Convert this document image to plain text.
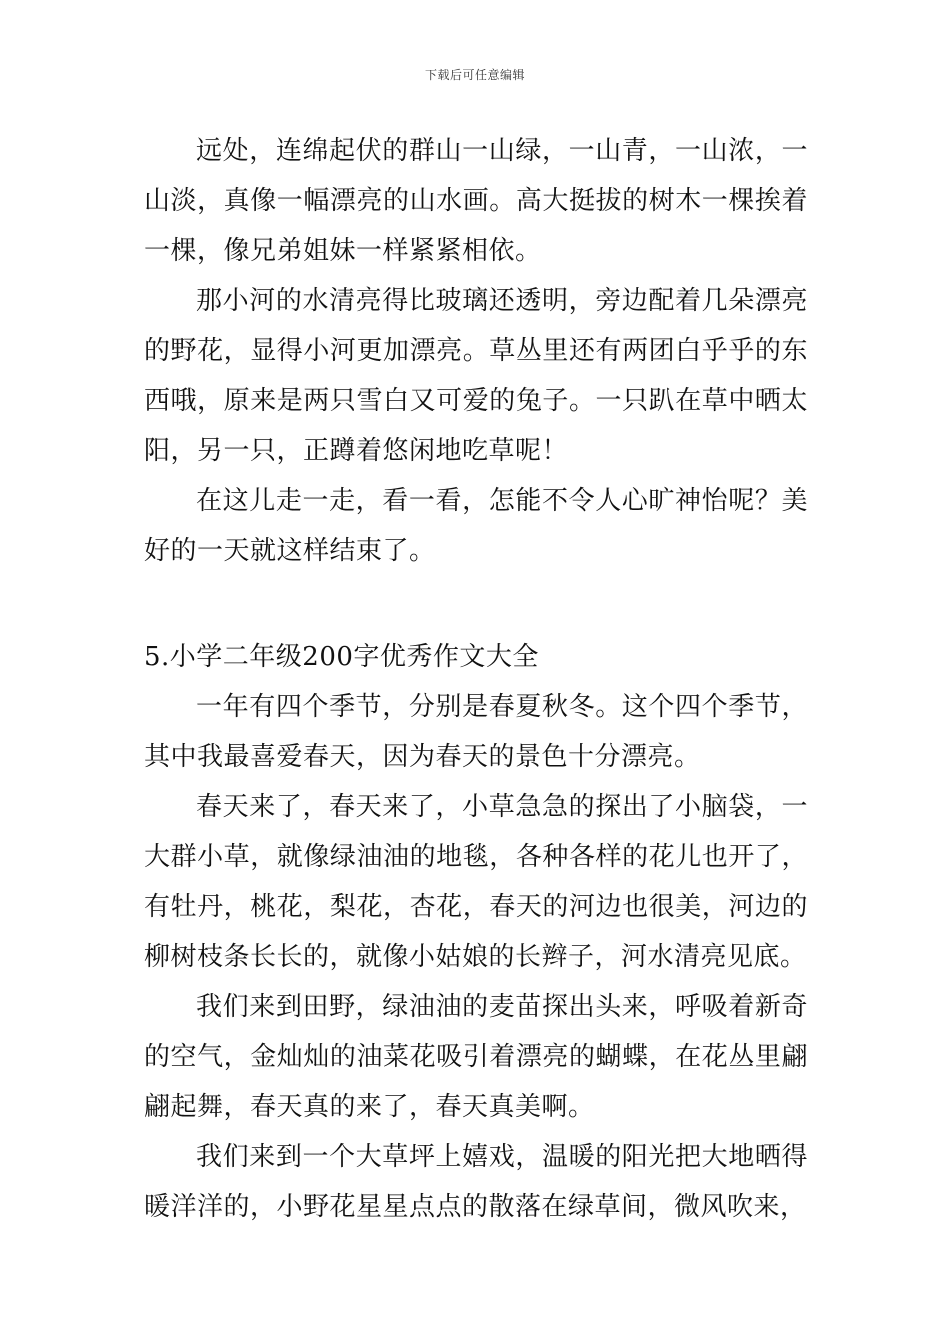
下载后可任意编辑

远处，连绵起伏的群山一山绿，一山青，一山浓，一山淡，真像一幅漂亮的山水画。高大挺拔的树木一棵挨着一棵，像兄弟姐妹一样紧紧相依。

那小河的水清亮得比玻璃还透明，旁边配着几朵漂亮的野花，显得小河更加漂亮。草丛里还有两团白乎乎的东西哦，原来是两只雪白又可爱的兔子。一只趴在草中晒太阳，另一只，正蹲着悠闲地吃草呢！

在这儿走一走，看一看，怎能不令人心旷神怡呢？美好的一天就这样结束了。

5.小学二年级200字优秀作文大全

一年有四个季节，分别是春夏秋冬。这个四个季节，其中我最喜爱春天，因为春天的景色十分漂亮。

春天来了，春天来了，小草急急的探出了小脑袋，一大群小草，就像绿油油的地毯，各种各样的花儿也开了，有牡丹，桃花，梨花，杏花，春天的河边也很美，河边的柳树枝条长长的，就像小姑娘的长辫子，河水清亮见底。

我们来到田野，绿油油的麦苗探出头来，呼吸着新奇的空气，金灿灿的油菜花吸引着漂亮的蝴蝶，在花丛里翩翩起舞，春天真的来了，春天真美啊。

我们来到一个大草坪上嬉戏，温暖的阳光把大地晒得暖洋洋的，小野花星星点点的散落在绿草间，微风吹来，
